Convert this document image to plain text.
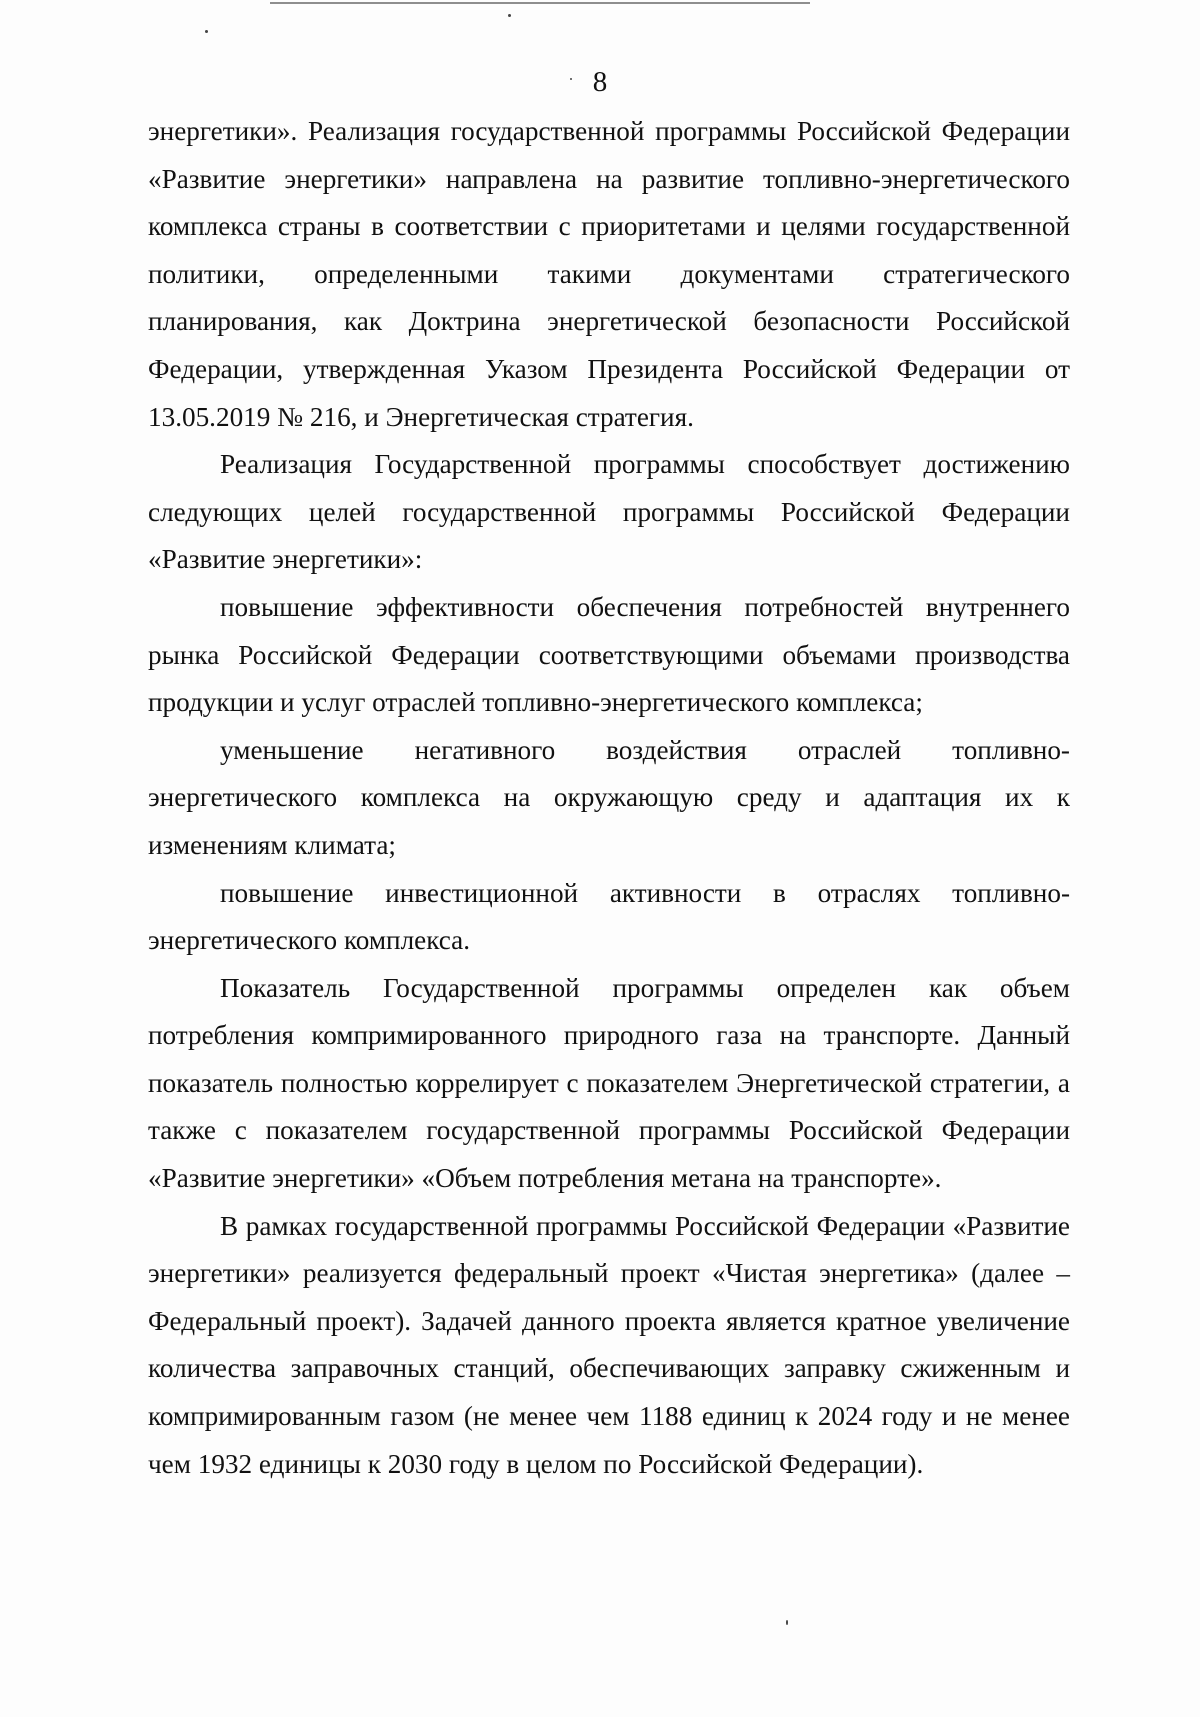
8

энергетики». Реализация государственной программы Российской Федерации «Развитие энергетики» направлена на развитие топливно-энергетического комплекса страны в соответствии с приоритетами и целями государственной политики, определенными такими документами стратегического планирования, как Доктрина энергетической безопасности Российской Федерации, утвержденная Указом Президента Российской Федерации от 13.05.2019 № 216, и Энергетическая стратегия.

Реализация Государственной программы способствует достижению следующих целей государственной программы Российской Федерации «Развитие энергетики»:

повышение эффективности обеспечения потребностей внутреннего рынка Российской Федерации соответствующими объемами производства продукции и услуг отраслей топливно-энергетического комплекса;

уменьшение негативного воздействия отраслей топливно-энергетического комплекса на окружающую среду и адаптация их к изменениям климата;

повышение инвестиционной активности в отраслях топливно-энергетического комплекса.

Показатель Государственной программы определен как объем потребления компримированного природного газа на транспорте. Данный показатель полностью коррелирует с показателем Энергетической стратегии, а также с показателем государственной программы Российской Федерации «Развитие энергетики» «Объем потребления метана на транспорте».

В рамках государственной программы Российской Федерации «Развитие энергетики» реализуется федеральный проект «Чистая энергетика» (далее – Федеральный проект). Задачей данного проекта является кратное увеличение количества заправочных станций, обеспечивающих заправку сжиженным и компримированным газом (не менее чем 1188 единиц к 2024 году и не менее чем 1932 единицы к 2030 году в целом по Российской Федерации).
